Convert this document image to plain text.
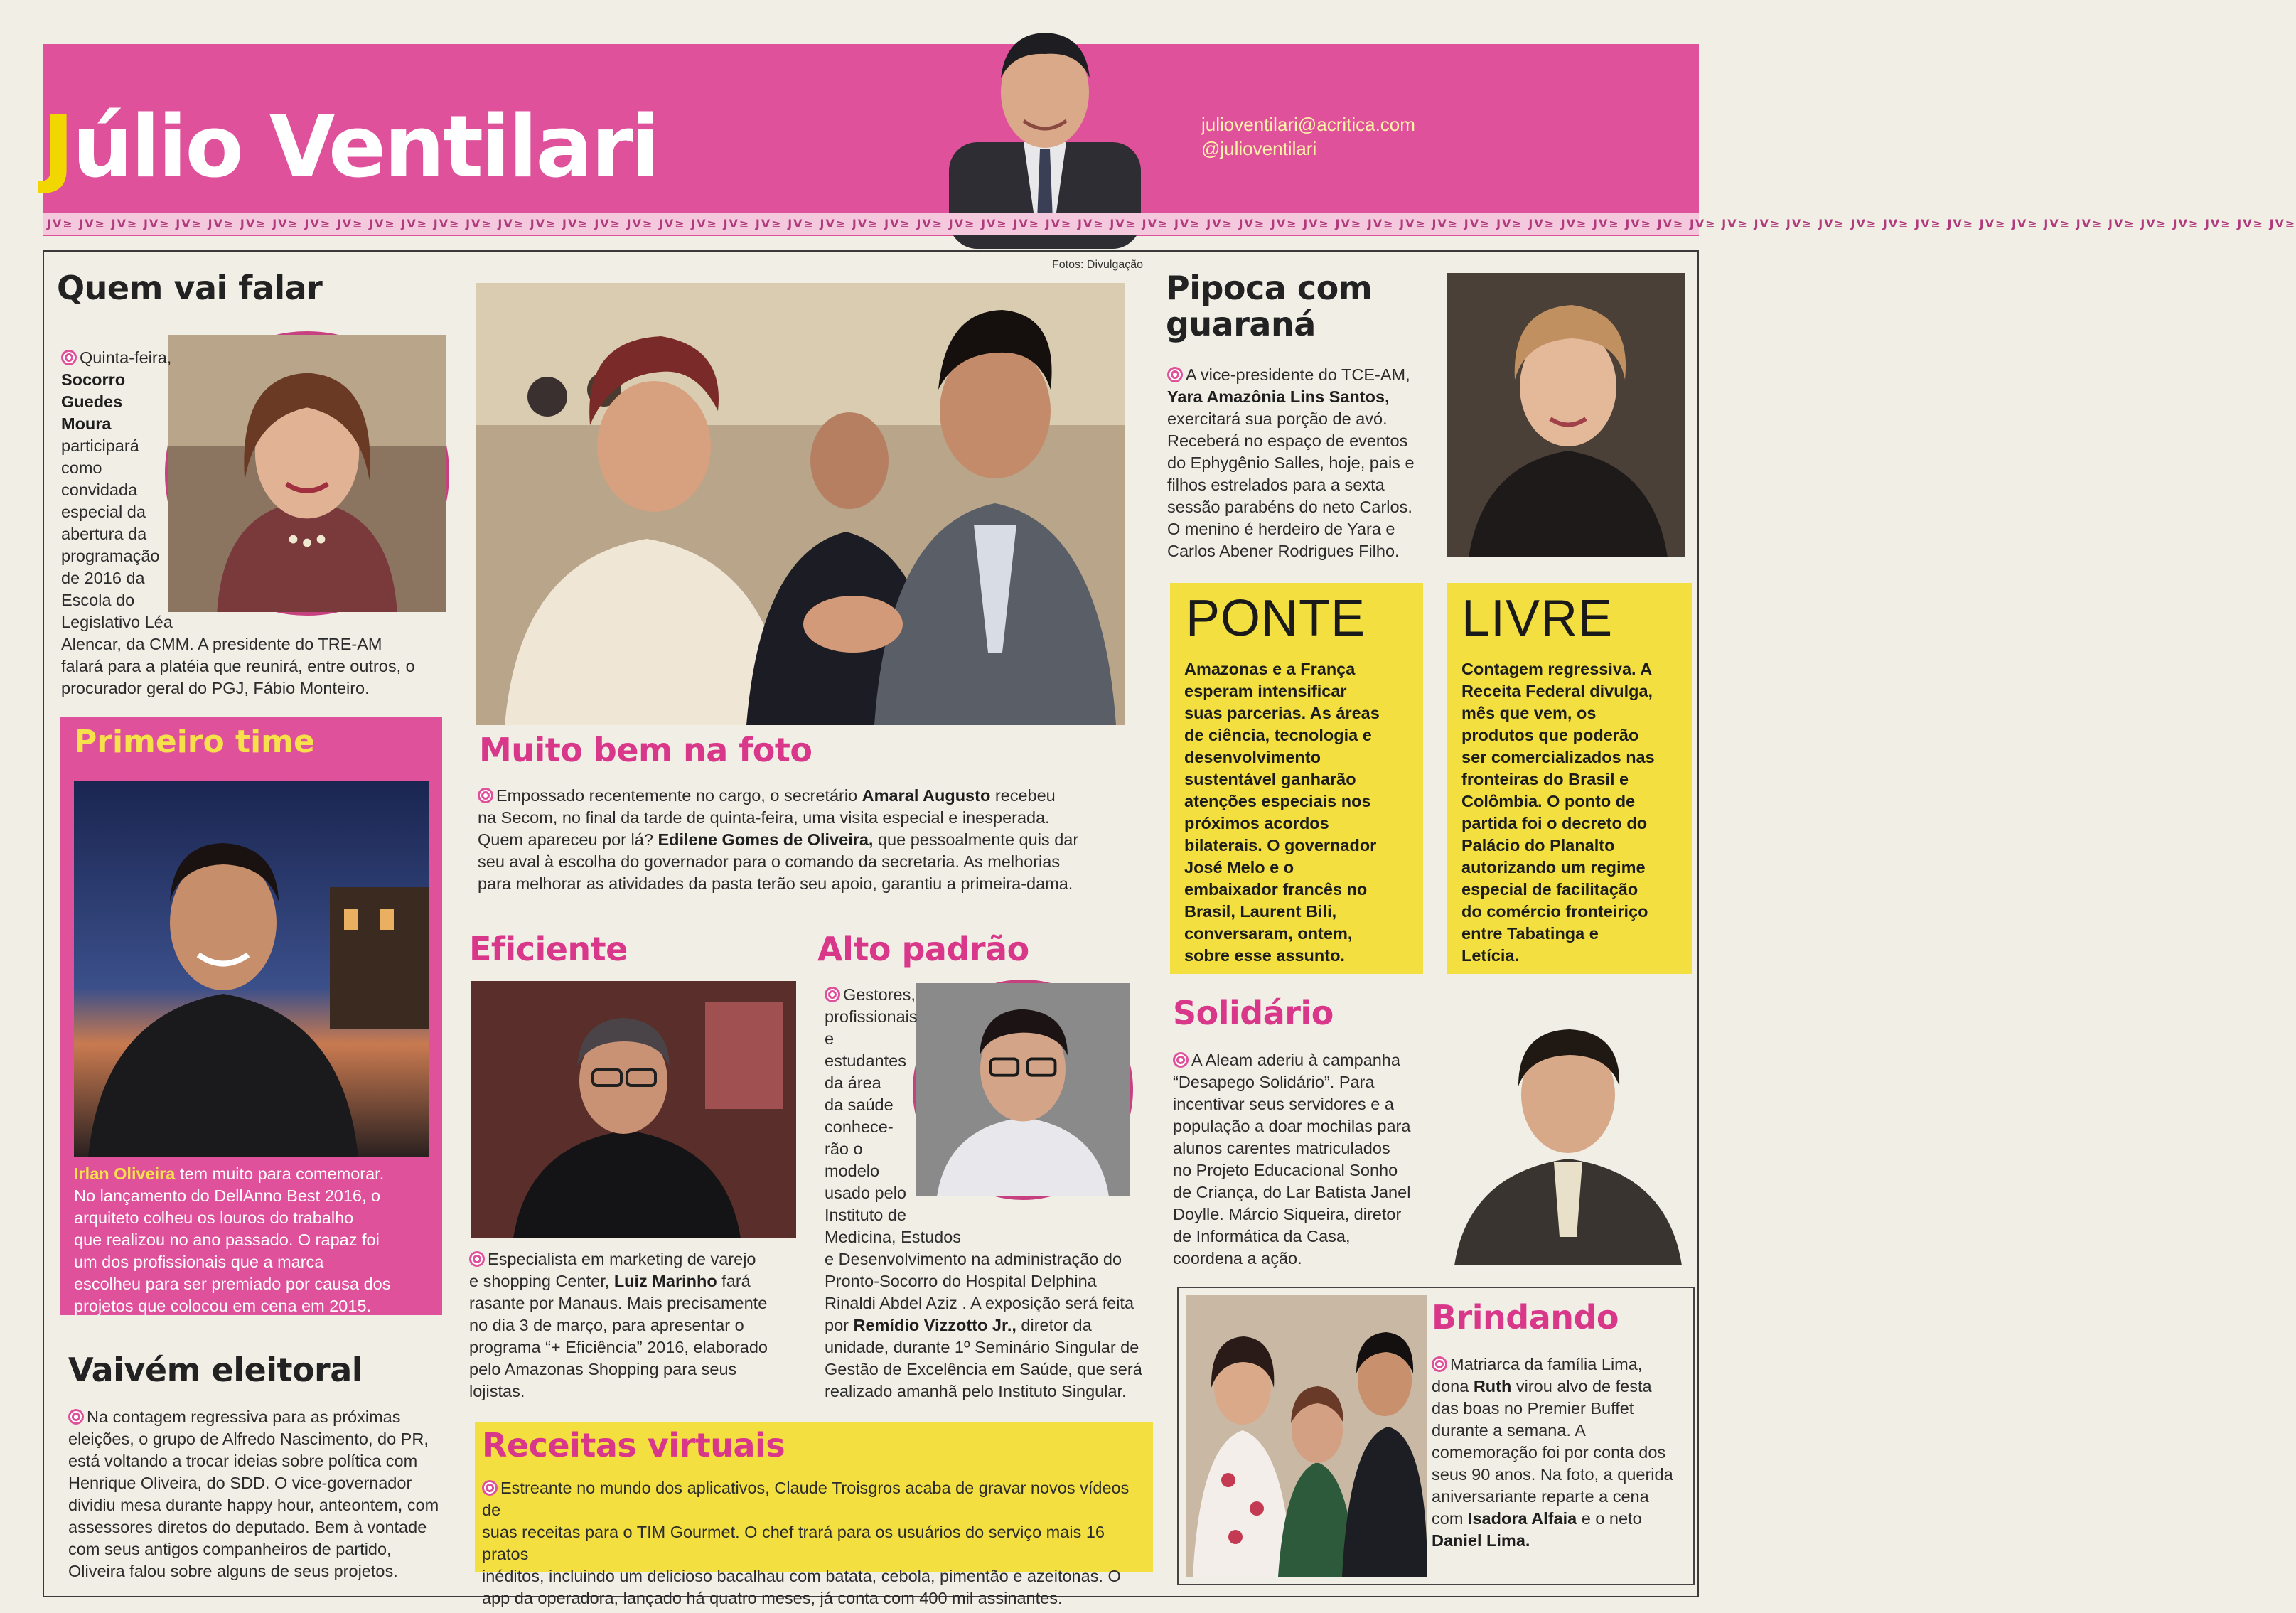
Júlio Ventilari	julioventilari@acritica.com
@julioventilari
JV≥ JV≥ JV≥ JV≥ JV≥ JV≥ JV≥ JV≥ JV≥ JV≥ JV≥ JV≥ JV≥ JV≥ JV≥ JV≥ JV≥ JV≥ JV≥ JV≥ JV≥ JV≥ JV≥ JV≥ JV≥ JV≥ JV≥ JV≥ JV≥ JV≥ JV≥ JV≥ JV≥ JV≥ JV≥ JV≥ JV≥ JV≥ JV≥ JV≥ JV≥ JV≥ JV≥ JV≥ JV≥ JV≥ JV≥ JV≥ JV≥ JV≥ JV≥ JV≥ JV≥ JV≥ JV≥ JV≥ JV≥ JV≥ JV≥ JV≥ JV≥ JV≥ JV≥ JV≥ JV≥ JV≥ JV≥ JV≥ JV≥ JV≥
Fotos: Divulgação
Quem vai falar
Quinta-feira,
Socorro
Guedes
Moura
participará
como
convidada
especial da
abertura da
programação
de 2016 da
Escola do
Legislativo Léa
Alencar, da CMM. A presidente do TRE-AM
falará para a platéia que reunirá, entre outros, o
procurador geral do PGJ, Fábio Monteiro.
Primeiro time
Irlan Oliveira tem muito para comemorar.
No lançamento do DellAnno Best 2016, o
arquiteto colheu os louros do trabalho
que realizou no ano passado. O rapaz foi
um dos profissionais que a marca
escolheu para ser premiado por causa dos
projetos que colocou em cena em 2015.
Vaivém eleitoral
Na contagem regressiva para as próximas
eleições, o grupo de Alfredo Nascimento, do PR,
está voltando a trocar ideias sobre política com
Henrique Oliveira, do SDD. O vice-governador
dividiu mesa durante happy hour, anteontem, com
assessores diretos do deputado. Bem à vontade
com seus antigos companheiros de partido,
Oliveira falou sobre alguns de seus projetos.
Muito bem na foto
Empossado recentemente no cargo, o secretário Amaral Augusto recebeu
na Secom, no final da tarde de quinta-feira, uma visita especial e inesperada.
Quem apareceu por lá? Edilene Gomes de Oliveira, que pessoalmente quis dar
seu aval à escolha do governador para o comando da secretaria. As melhorias
para melhorar as atividades da pasta terão seu apoio, garantiu a primeira-dama.
Eficiente
Especialista em marketing de varejo
e shopping Center, Luiz Marinho fará
rasante por Manaus. Mais precisamente
no dia 3 de março, para apresentar o
programa “+ Eficiência” 2016, elaborado
pelo Amazonas Shopping para seus
lojistas.
Alto padrão
Gestores,
profissionais
e
estudantes
da área
da saúde
conhece-
rão o
modelo
usado pelo
Instituto de
Medicina, Estudos
e Desenvolvimento na administração do
Pronto-Socorro do Hospital Delphina
Rinaldi Abdel Aziz . A exposição será feita
por Remídio Vizzotto Jr., diretor da
unidade, durante 1º Seminário Singular de
Gestão de Excelência em Saúde, que será
realizado amanhã pelo Instituto Singular.
Receitas virtuais
Estreante no mundo dos aplicativos, Claude Troisgros acaba de gravar novos vídeos de
suas receitas para o TIM Gourmet. O chef trará para os usuários do serviço mais 16 pratos
inéditos, incluindo um delicioso bacalhau com batata, cebola, pimentão e azeitonas. O
app da operadora, lançado há quatro meses, já conta com 400 mil assinantes.
Pipoca com
guaraná
A vice-presidente do TCE-AM,
Yara Amazônia Lins Santos,
exercitará sua porção de avó.
Receberá no espaço de eventos
do Ephygênio Salles, hoje, pais e
filhos estrelados para a sexta
sessão parabéns do neto Carlos.
O menino é herdeiro de Yara e
Carlos Abener Rodrigues Filho.
PONTE
Amazonas e a França
esperam intensificar
suas parcerias. As áreas
de ciência, tecnologia e
desenvolvimento
sustentável ganharão
atenções especiais nos
próximos acordos
bilaterais. O governador
José Melo e o
embaixador francês no
Brasil, Laurent Bili,
conversaram, ontem,
sobre esse assunto.
LIVRE
Contagem regressiva. A
Receita Federal divulga,
mês que vem, os
produtos que poderão
ser comercializados nas
fronteiras do Brasil e
Colômbia. O ponto de
partida foi o decreto do
Palácio do Planalto
autorizando um regime
especial de facilitação
do comércio fronteiriço
entre Tabatinga e
Letícia.
Solidário
A Aleam aderiu à campanha
“Desapego Solidário”. Para
incentivar seus servidores e a
população a doar mochilas para
alunos carentes matriculados
no Projeto Educacional Sonho
de Criança, do Lar Batista Janel
Doylle. Márcio Siqueira, diretor
de Informática da Casa,
coordena a ação.
Brindando
Matriarca da família Lima,
dona Ruth virou alvo de festa
das boas no Premier Buffet
durante a semana. A
comemoração foi por conta dos
seus 90 anos. Na foto, a querida
aniversariante reparte a cena
com Isadora Alfaia e o neto
Daniel Lima.
